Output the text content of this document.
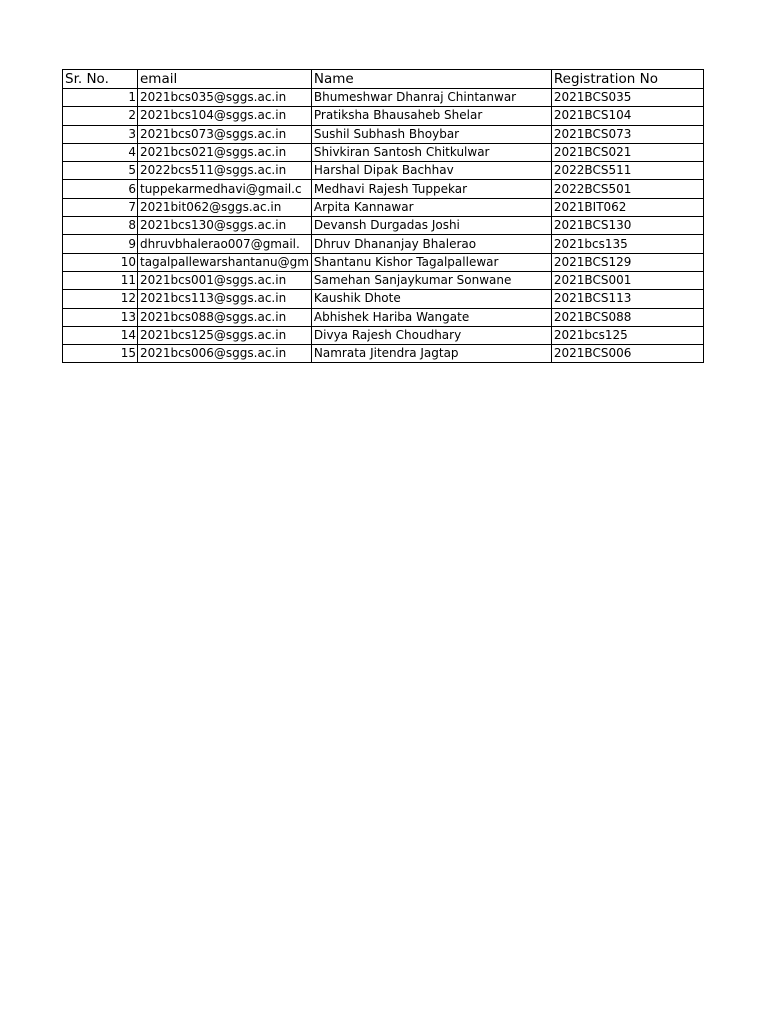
Sr. No.	email	Name	Registration No
1	2021bcs035@sggs.ac.in	Bhumeshwar Dhanraj Chintanwar	2021BCS035
2	2021bcs104@sggs.ac.in	Pratiksha Bhausaheb Shelar	2021BCS104
3	2021bcs073@sggs.ac.in	Sushil Subhash Bhoybar	2021BCS073
4	2021bcs021@sggs.ac.in	Shivkiran Santosh Chitkulwar	2021BCS021
5	2022bcs511@sggs.ac.in	Harshal Dipak Bachhav	2022BCS511
6	tuppekarmedhavi@gmail.c	Medhavi Rajesh Tuppekar	2022BCS501
7	2021bit062@sggs.ac.in	Arpita Kannawar	2021BIT062
8	2021bcs130@sggs.ac.in	Devansh Durgadas Joshi	2021BCS130
9	dhruvbhalerao007@gmail.	Dhruv Dhananjay Bhalerao	2021bcs135
10	tagalpallewarshantanu@gm	Shantanu Kishor Tagalpallewar	2021BCS129
11	2021bcs001@sggs.ac.in	Samehan Sanjaykumar Sonwane	2021BCS001
12	2021bcs113@sggs.ac.in	Kaushik Dhote	2021BCS113
13	2021bcs088@sggs.ac.in	Abhishek Hariba Wangate	2021BCS088
14	2021bcs125@sggs.ac.in	Divya Rajesh Choudhary	2021bcs125
15	2021bcs006@sggs.ac.in	Namrata Jitendra Jagtap	2021BCS006
